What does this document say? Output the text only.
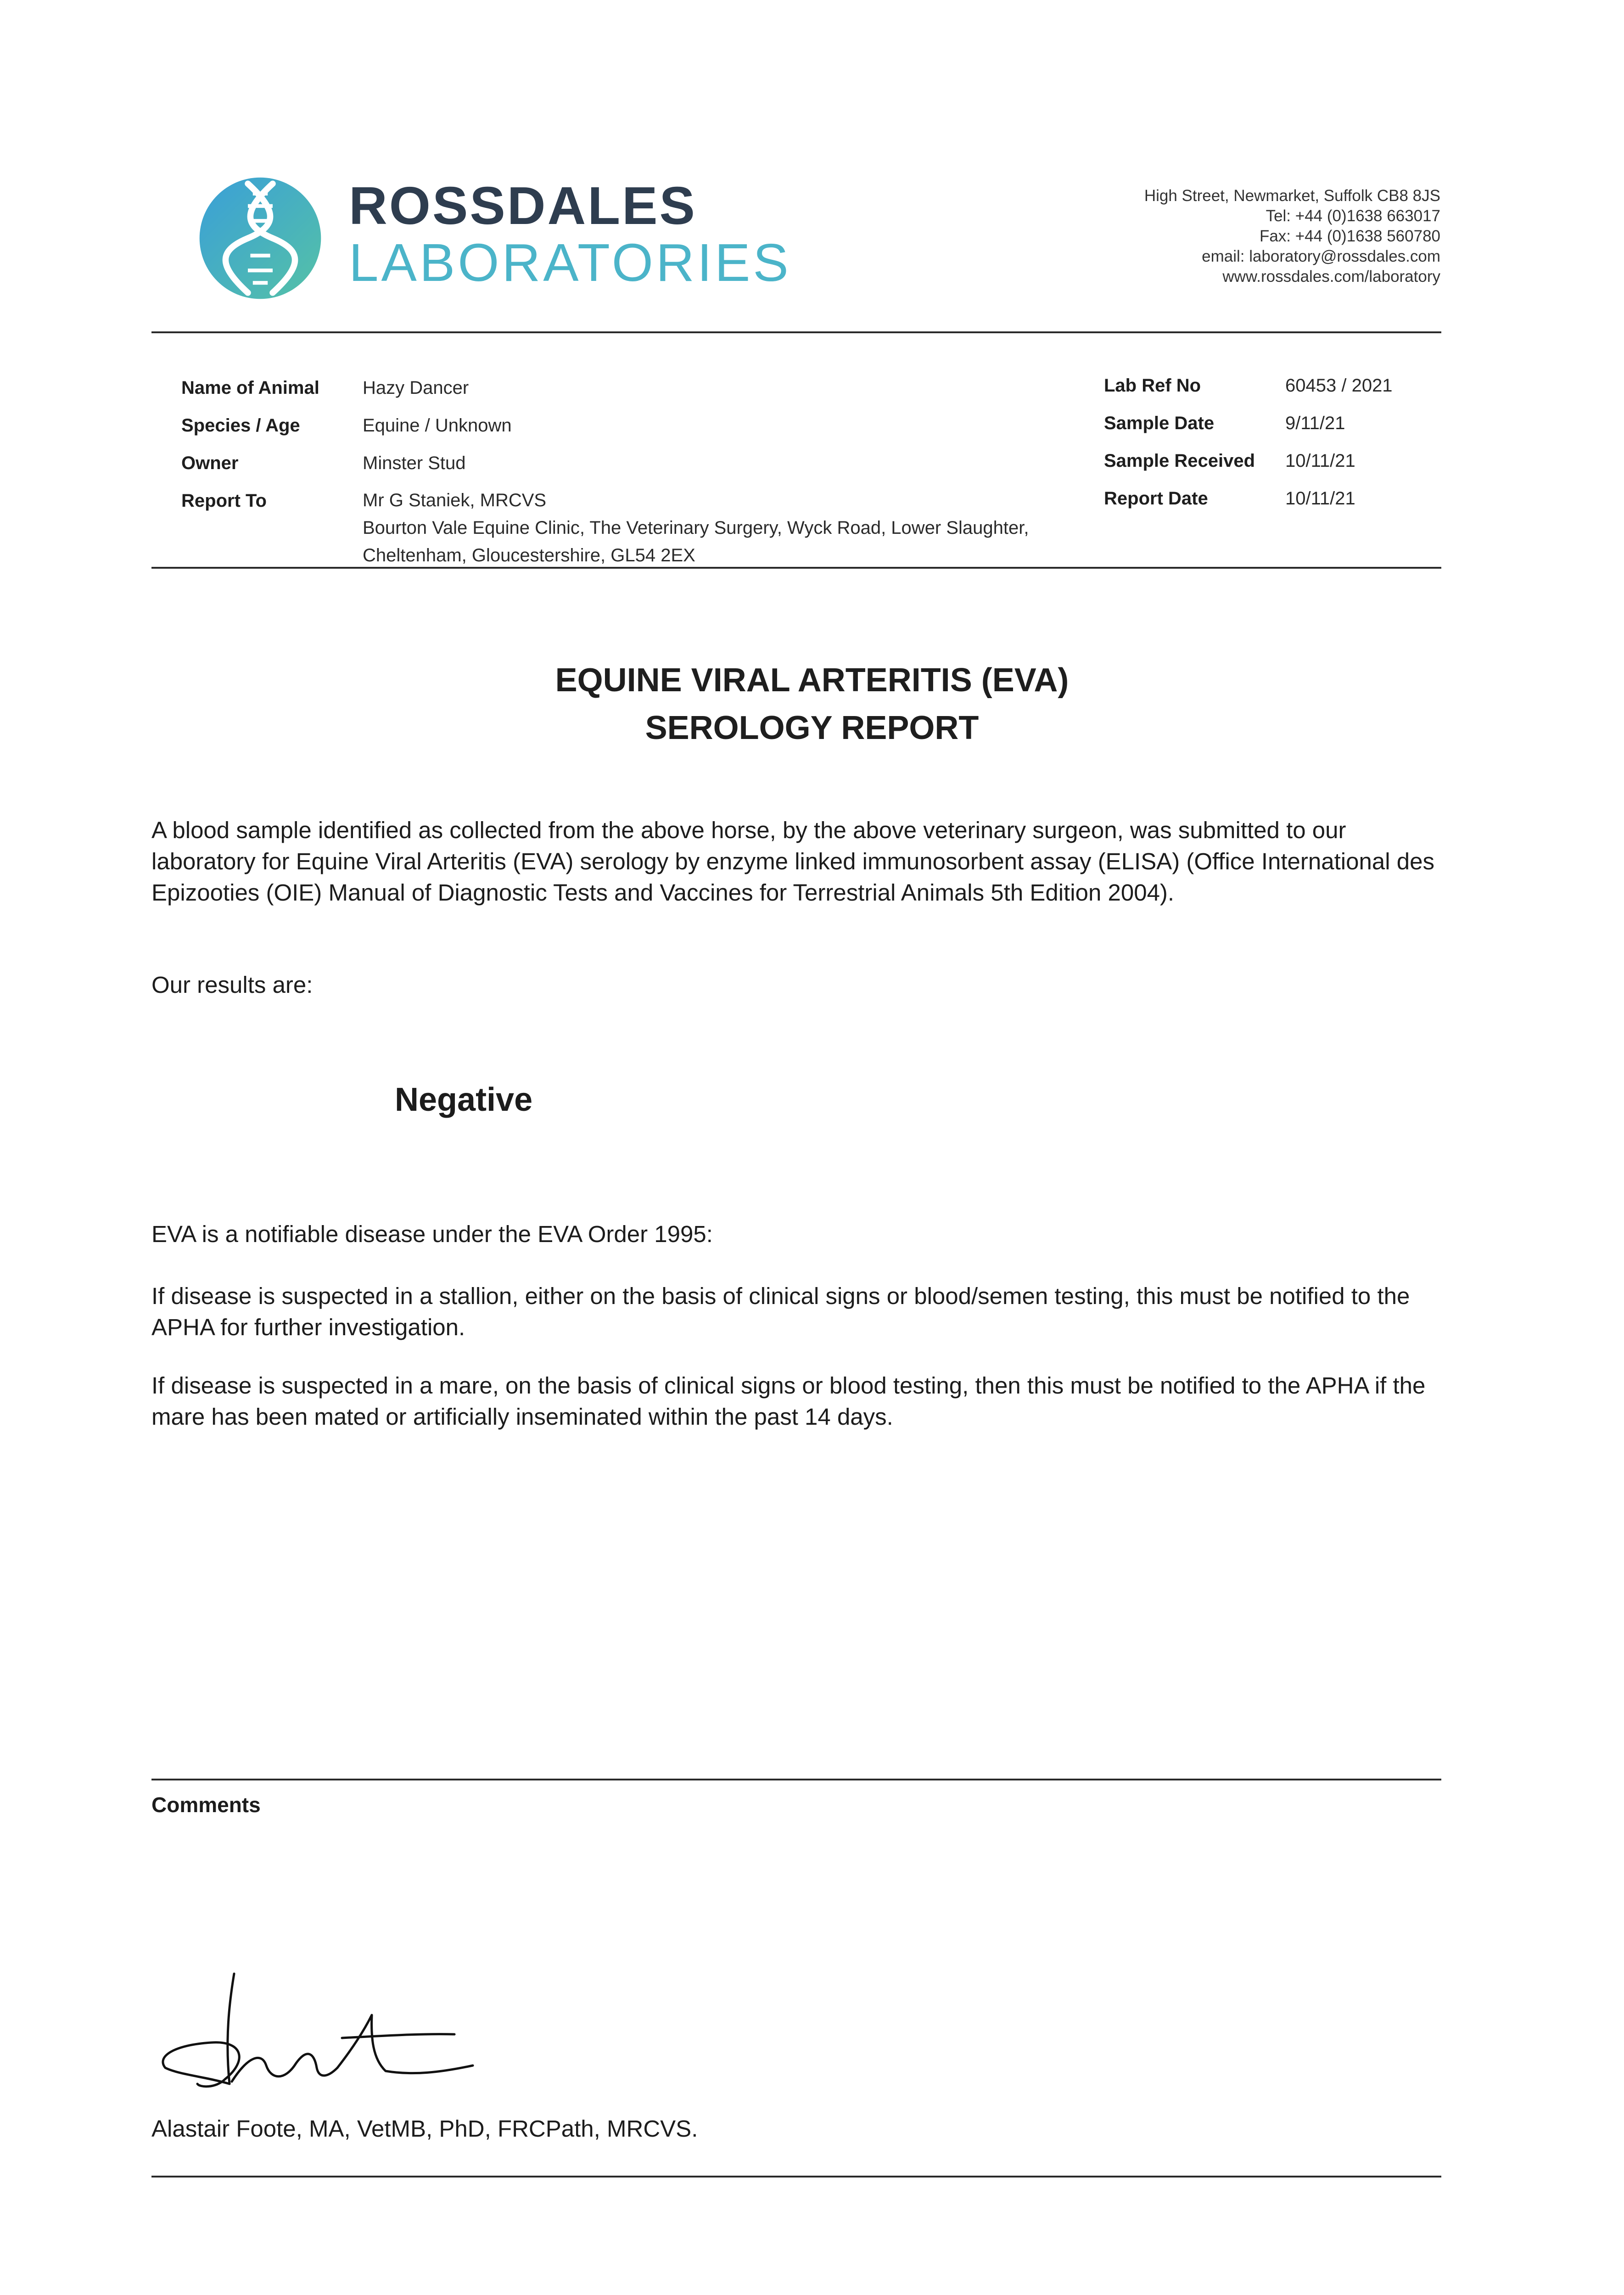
ROSSDALES
LABORATORIES
High Street, Newmarket, Suffolk CB8 8JS
Tel: +44 (0)1638 663017
Fax: +44 (0)1638 560780
email: laboratory@rossdales.com
www.rossdales.com/laboratory
Name of Animal Hazy Dancer
Species / Age	Equine / Unknown
Owner	Minster Stud
Report To	Mr G Staniek, MRCVS
Bourton Vale Equine Clinic, The Veterinary Surgery, Wyck Road, Lower Slaughter,
Cheltenham, Gloucestershire, GL54 2EX
Lab Ref No	60453 / 2021
Sample Date	9/11/21
Sample Received 10/11/21
Report Date	10/11/21
EQUINE VIRAL ARTERITIS (EVA)
SEROLOGY REPORT
A blood sample identified as collected from the above horse, by the above veterinary surgeon, was submitted to our laboratory for Equine Viral Arteritis (EVA) serology by enzyme linked immunosorbent assay (ELISA) (Office International des Epizooties (OIE) Manual of Diagnostic Tests and Vaccines for Terrestrial Animals 5th Edition 2004).
Our results are:
Negative
EVA is a notifiable disease under the EVA Order 1995:
If disease is suspected in a stallion, either on the basis of clinical signs or blood/semen testing, this must be notified to the APHA for further investigation.
If disease is suspected in a mare, on the basis of clinical signs or blood testing, then this must be notified to the APHA if the mare has been mated or artificially inseminated within the past 14 days.
Comments
Alastair Foote, MA, VetMB, PhD, FRCPath, MRCVS.
